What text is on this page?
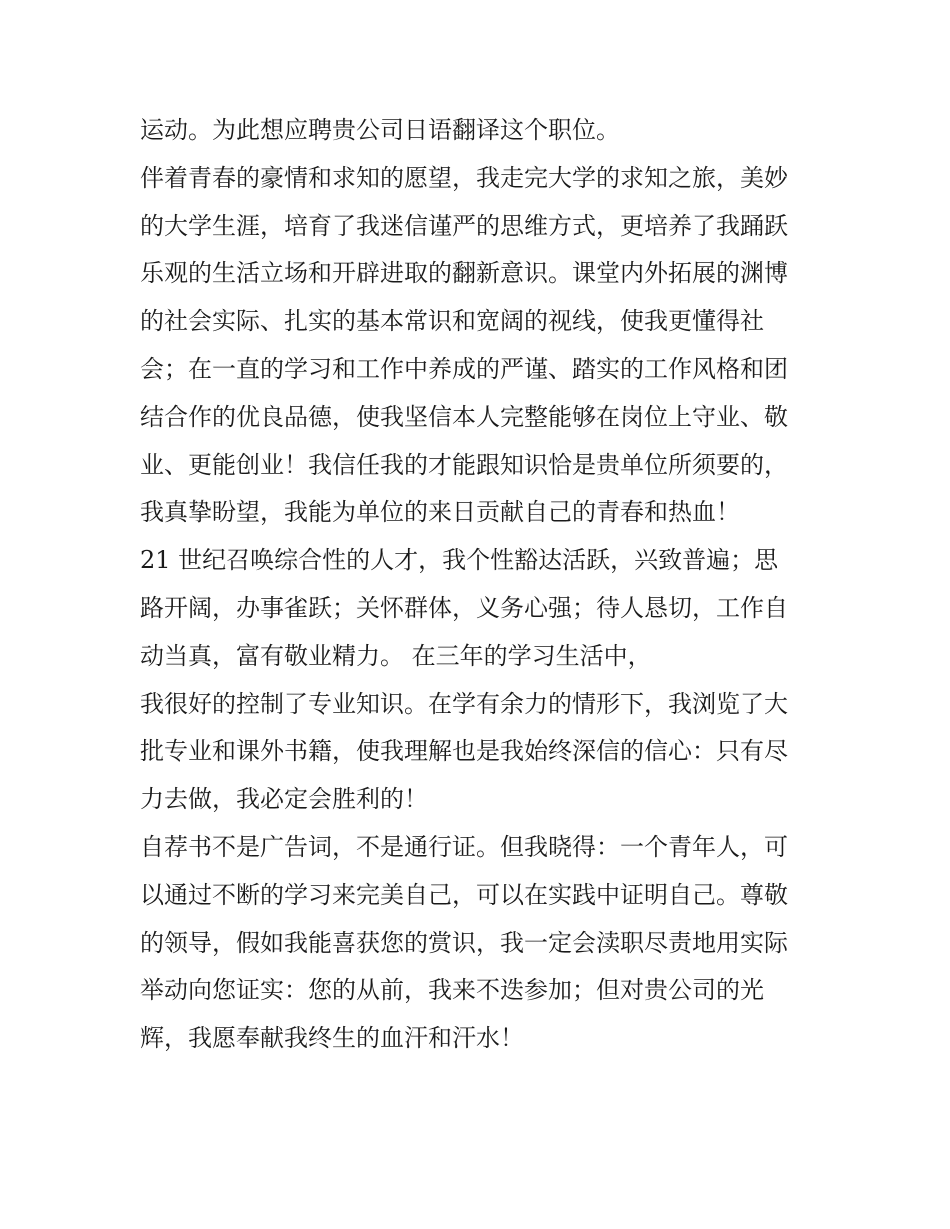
运动。为此想应聘贵公司日语翻译这个职位。
伴着青春的豪情和求知的愿望，我走完大学的求知之旅，美妙
的大学生涯，培育了我迷信谨严的思维方式，更培养了我踊跃
乐观的生活立场和开辟进取的翻新意识。课堂内外拓展的渊博
的社会实际、扎实的基本常识和宽阔的视线，使我更懂得社
会；在一直的学习和工作中养成的严谨、踏实的工作风格和团
结合作的优良品德，使我坚信本人完整能够在岗位上守业、敬
业、更能创业！我信任我的才能跟知识恰是贵单位所须要的，
我真挚盼望，我能为单位的来日贡献自己的青春和热血！
21 世纪召唤综合性的人才，我个性豁达活跃，兴致普遍；思
路开阔，办事雀跃；关怀群体，义务心强；待人恳切，工作自
动当真，富有敬业精力。 在三年的学习生活中，
我很好的控制了专业知识。在学有余力的情形下，我浏览了大
批专业和课外书籍，使我理解也是我始终深信的信心：只有尽
力去做，我必定会胜利的！
自荐书不是广告词，不是通行证。但我晓得：一个青年人，可
以通过不断的学习来完美自己，可以在实践中证明自己。尊敬
的领导，假如我能喜获您的赏识，我一定会渎职尽责地用实际
举动向您证实：您的从前，我来不迭参加；但对贵公司的光
辉，我愿奉献我终生的血汗和汗水！
